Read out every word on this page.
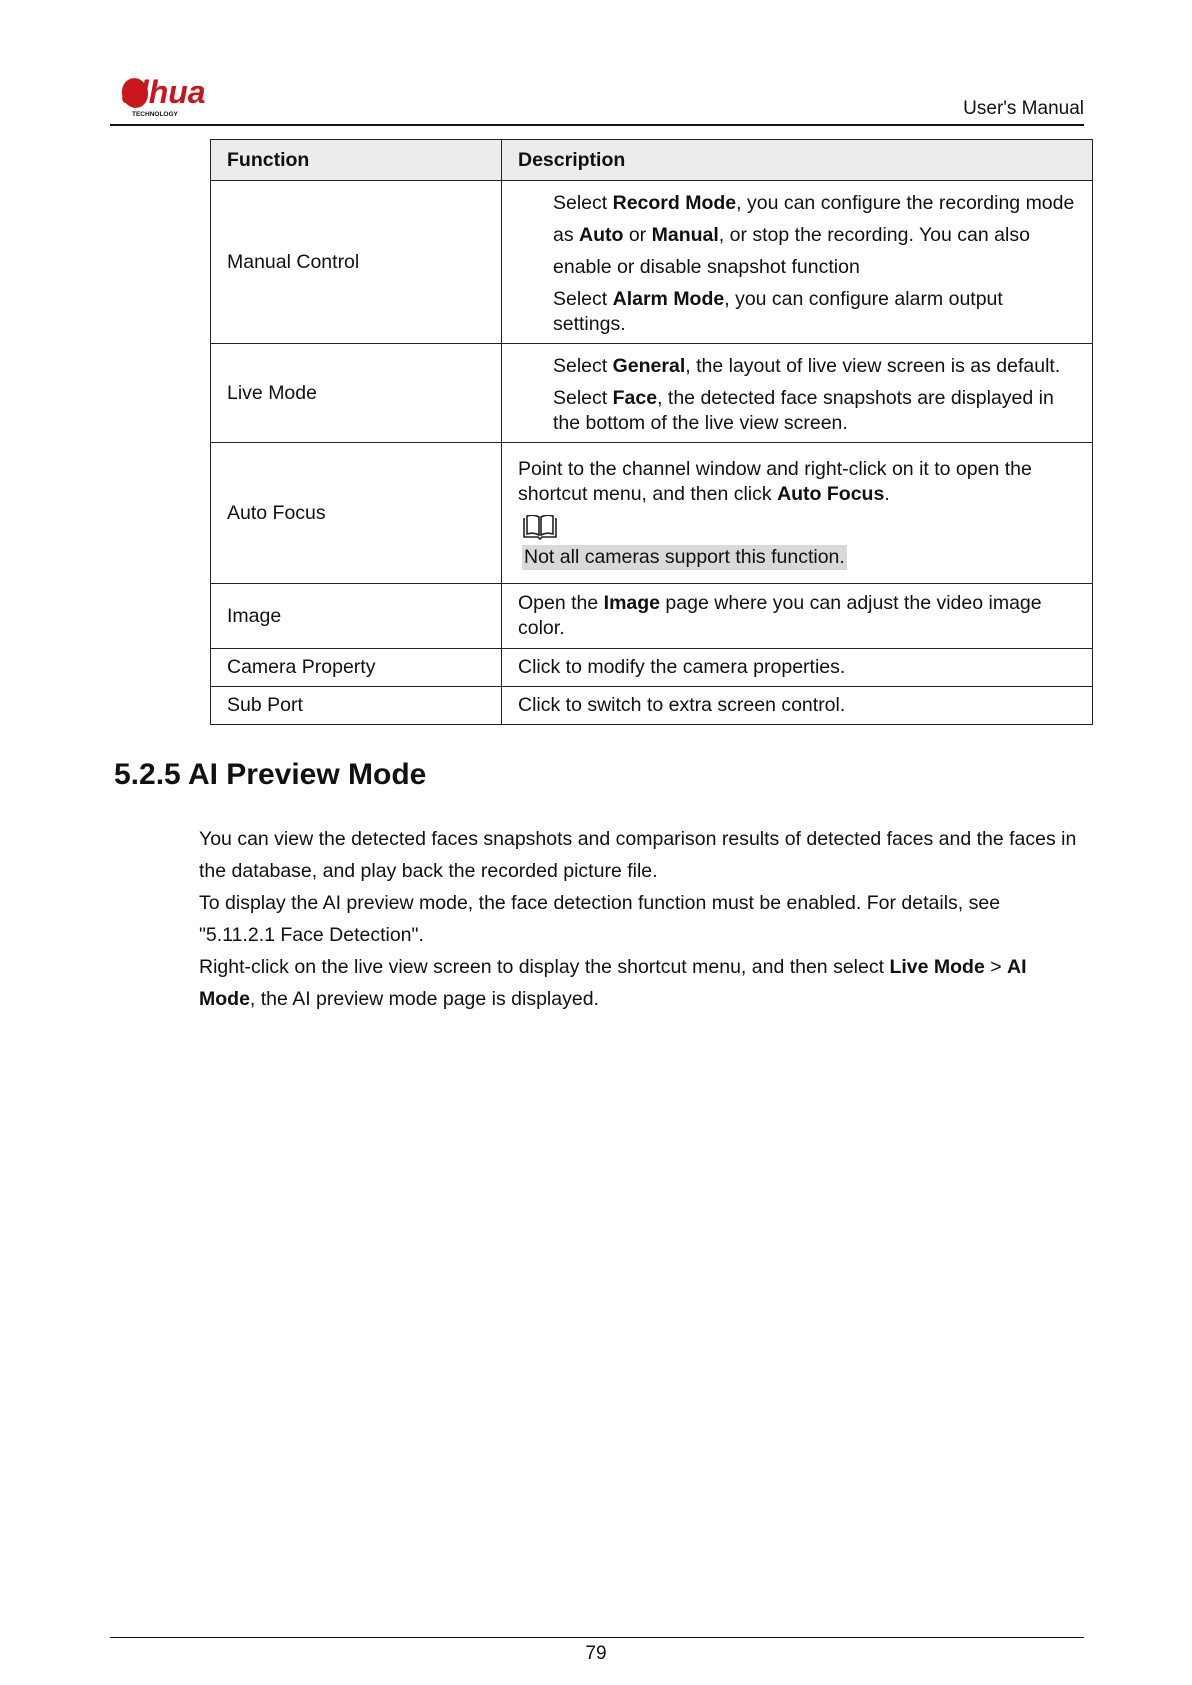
alhua
TECHNOLOGY	User's Manual
Function	Description
Manual Control	Select Record Mode, you can configure the recording mode

as Auto or Manual, or stop the recording. You can also

enable or disable snapshot function

Select Alarm Mode, you can configure alarm output settings.

Live Mode	Select General, the layout of live view screen is as default.

Select Face, the detected face snapshots are displayed in the bottom of the live view screen.

Auto Focus	Point to the channel window and right-click on it to open the shortcut menu, and then click Auto Focus.

Not all cameras support this function.
Image	Open the Image page where you can adjust the video image color.

Camera Property	Click to modify the camera properties.
Sub Port	Click to switch to extra screen control.
5.2.5 AI Preview Mode

You can view the detected faces snapshots and comparison results of detected faces and the faces in the database, and play back the recorded picture file.

To display the AI preview mode, the face detection function must be enabled. For details, see "5.11.2.1 Face Detection".

Right-click on the live view screen to display the shortcut menu, and then select Live Mode > AI Mode, the AI preview mode page is displayed.

79
